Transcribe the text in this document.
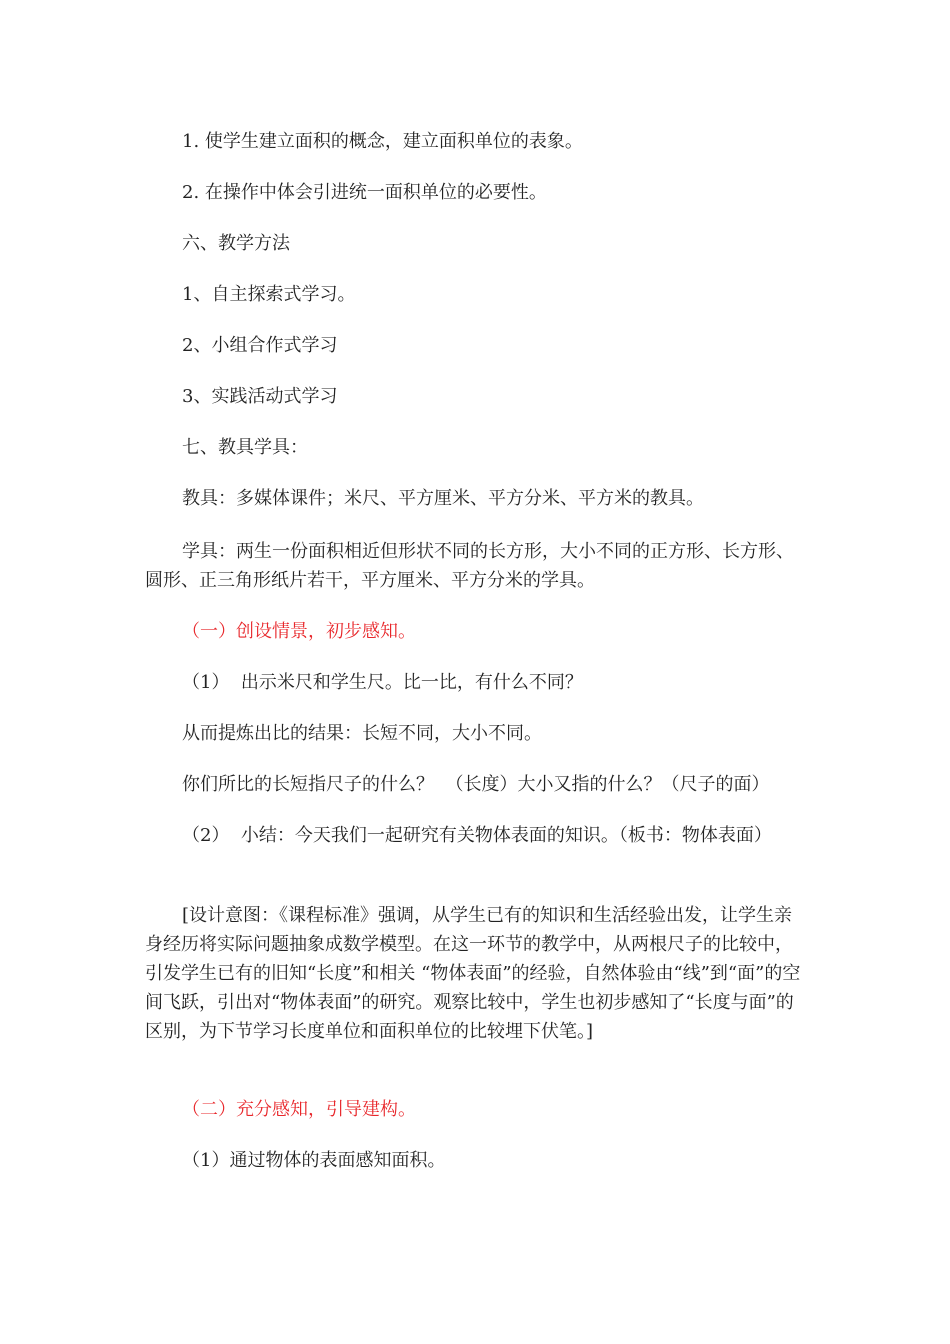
1. 使学生建立面积的概念，建立面积单位的表象。

2. 在操作中体会引进统一面积单位的必要性。

六、教学方法

1、自主探索式学习。

2、小组合作式学习

3、实践活动式学习

七、教具学具：

教具：多媒体课件；米尺、平方厘米、平方分米、平方米的教具。

学具：两生一份面积相近但形状不同的长方形，大小不同的正方形、长方形、圆形、正三角形纸片若干，平方厘米、平方分米的学具。

（一）创设情景，初步感知。

（1）  出示米尺和学生尺。比一比，有什么不同？

从而提炼出比的结果：长短不同，大小不同。

你们所比的长短指尺子的什么？  （长度）大小又指的什么？（尺子的面）

（2）  小结：今天我们一起研究有关物体表面的知识。（板书：物体表面）

[设计意图：《课程标准》强调，从学生已有的知识和生活经验出发，让学生亲身经历将实际问题抽象成数学模型。在这一环节的教学中，从两根尺子的比较中，引发学生已有的旧知“长度”和相关 “物体表面”的经验，自然体验由“线”到“面”的空间飞跃，引出对“物体表面”的研究。观察比较中，学生也初步感知了“长度与面”的区别，为下节学习长度单位和面积单位的比较埋下伏笔。]

（二）充分感知，引导建构。

（1）通过物体的表面感知面积。
